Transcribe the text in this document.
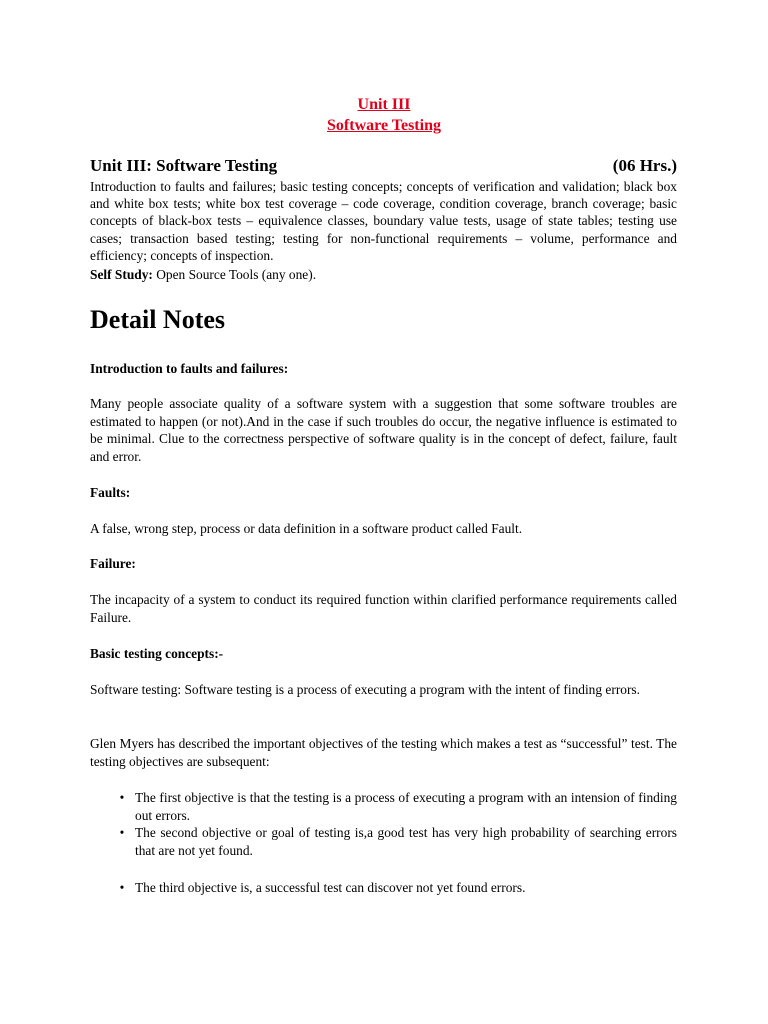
Unit III
Software Testing
Unit III: Software Testing	(06 Hrs.)

Introduction to faults and failures; basic testing concepts; concepts of verification and validation; black box and white box tests; white box test coverage – code coverage, condition coverage, branch coverage; basic concepts of black-box tests – equivalence classes, boundary value tests, usage of state tables; testing use cases; transaction based testing; testing for non-functional requirements – volume, performance and efficiency; concepts of inspection.

Self Study: Open Source Tools (any one).

Detail Notes

Introduction to faults and failures:

Many people associate quality of a software system with a suggestion that some software troubles are estimated to happen (or not).And in the case if such troubles do occur, the negative influence is estimated to be minimal. Clue to the correctness perspective of software quality is in the concept of defect, failure, fault and error.

Faults:

A false, wrong step, process or data definition in a software product called Fault.

Failure:

The incapacity of a system to conduct its required function within clarified performance requirements called Failure.

Basic testing concepts:-

Software testing: Software testing is a process of executing a program with the intent of finding errors.

Glen Myers has described the important objectives of the testing which makes a test as “successful” test. The testing objectives are subsequent:

• The first objective is that the testing is a process of executing a program with an intension of finding out errors.
• The second objective or goal of testing is,a good test has very high probability of searching errors that are not yet found.
• The third objective is, a successful test can discover not yet found errors.
